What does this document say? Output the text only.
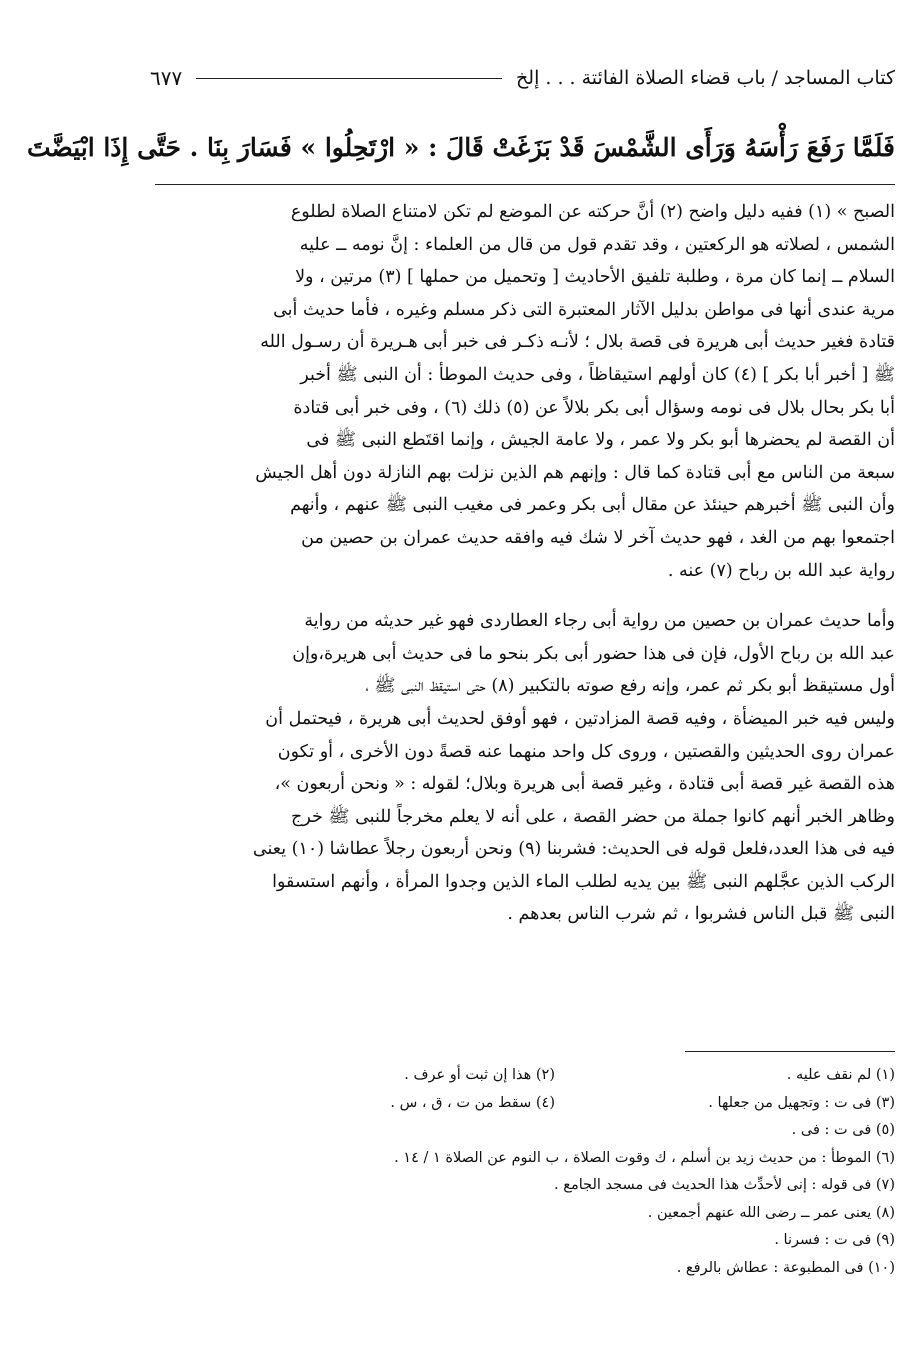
كتاب المساجد / باب قضاء الصلاة الفائتة . . . إلخ
٦٧٧

فَلَمَّا رَفَعَ رَأْسَهُ وَرَأَى الشَّمْسَ قَدْ بَزَغَتْ قَالَ : « ارْتَحِلُوا » فَسَارَ بِنَا . حَتَّى إِذَا ابْيَضَّتَ

الصبح » (١) ففيه دليل واضح (٢) أنَّ حركته عن الموضع لم تكن لامتناع الصلاة لطلوع

الشمس ، لصلاته هو الركعتين ، وقد تقدم قول من قال من العلماء : إنَّ نومه ــ عليه

السلام ــ إنما كان مرة ، وطلبة تلفيق الأحاديث [ وتحميل من حملها ] (٣) مرتين ، ولا

مرية عندى أنها فى مواطن بدليل الآثار المعتبرة التى ذكر مسلم وغيره ، فأما حديث أبى

قتادة فغير حديث أبى هريرة فى قصة بلال ؛ لأنـه ذكـر فى خبر أبى هـريرة أن رسـول الله

ﷺ [ أخبر أبا بكر ] (٤) كان أولهم استيقاظاً ، وفى حديث الموطأ : أن النبى ﷺ أخبر

أبا بكر بحال بلال فى نومه وسؤال أبى بكر بلالاً عن (٥) ذلك (٦) ، وفى خبر أبى قتادة

أن القصة لم يحضرها أبو بكر ولا عمر ، ولا عامة الجيش ، وإنما اقتَطع النبى ﷺ فى

سبعة من الناس مع أبى قتادة كما قال : وإنهم هم الذين نزلت بهم النازلة دون أهل الجيش

وأن النبى ﷺ أخبرهم حينئذ عن مقال أبى بكر وعمر فى مغيب النبى ﷺ عنهم ، وأنهم

اجتمعوا بهم من الغد ، فهو حديث آخر لا شك فيه وافقه حديث عمران بن حصين من

رواية عبد الله بن رباح (٧) عنه .

وأما حديث عمران بن حصين من رواية أبى رجاء العطاردى فهو غير حديثه من رواية

عبد الله بن رباح الأول، فإن فى هذا حضور أبى بكر بنحو ما فى حديث أبى هريرة،وإن

أول مستيقظ أبو بكر ثم عمر، وإنه رفع صوته بالتكبير (٨) حتى استيقظ النبى ﷺ ،

وليس فيه خبر الميضأة ، وفيه قصة المزادتين ، فهو أوفق لحديث أبى هريرة ، فيحتمل أن

عمران روى الحديثين والقصتين ، وروى كل واحد منهما عنه قصةً دون الأخرى ، أو تكون

هذه القصة غير قصة أبى قتادة ، وغير قصة أبى هريرة وبلال؛ لقوله : « ونحن أربعون »،

وظاهر الخبر أنهم كانوا جملة من حضر القصة ، على أنه لا يعلم مخرجاً للنبى ﷺ خرج

فيه فى هذا العدد،فلعل قوله فى الحديث: فشربنا (٩) ونحن أربعون رجلاً عطاشا (١٠) يعنى

الركب الذين عجَّلهم النبى ﷺ بين يديه لطلب الماء الذين وجدوا المرأة ، وأنهم استسقوا

النبى ﷺ قبل الناس فشربوا ، ثم شرب الناس بعدهم .

(١) لم نقف عليه .
(٢) هذا إن ثبت أو عرف .
(٣) فى ت : وتجهيل من جعلها .
(٤) سقط من ت ، ق ، س .
(٥) فى ت : فى .
(٦) الموطأ : من حديث زيد بن أسلم ، ك وقوت الصلاة ، ب النوم عن الصلاة ١ / ١٤ .
(٧) فى قوله : إنى لأحدِّث هذا الحديث فى مسجد الجامع .
(٨) يعنى عمر ــ رضى الله عنهم أجمعين .
(٩) فى ت : فسرنا .
(١٠) فى المطبوعة : عطاش بالرفع .
